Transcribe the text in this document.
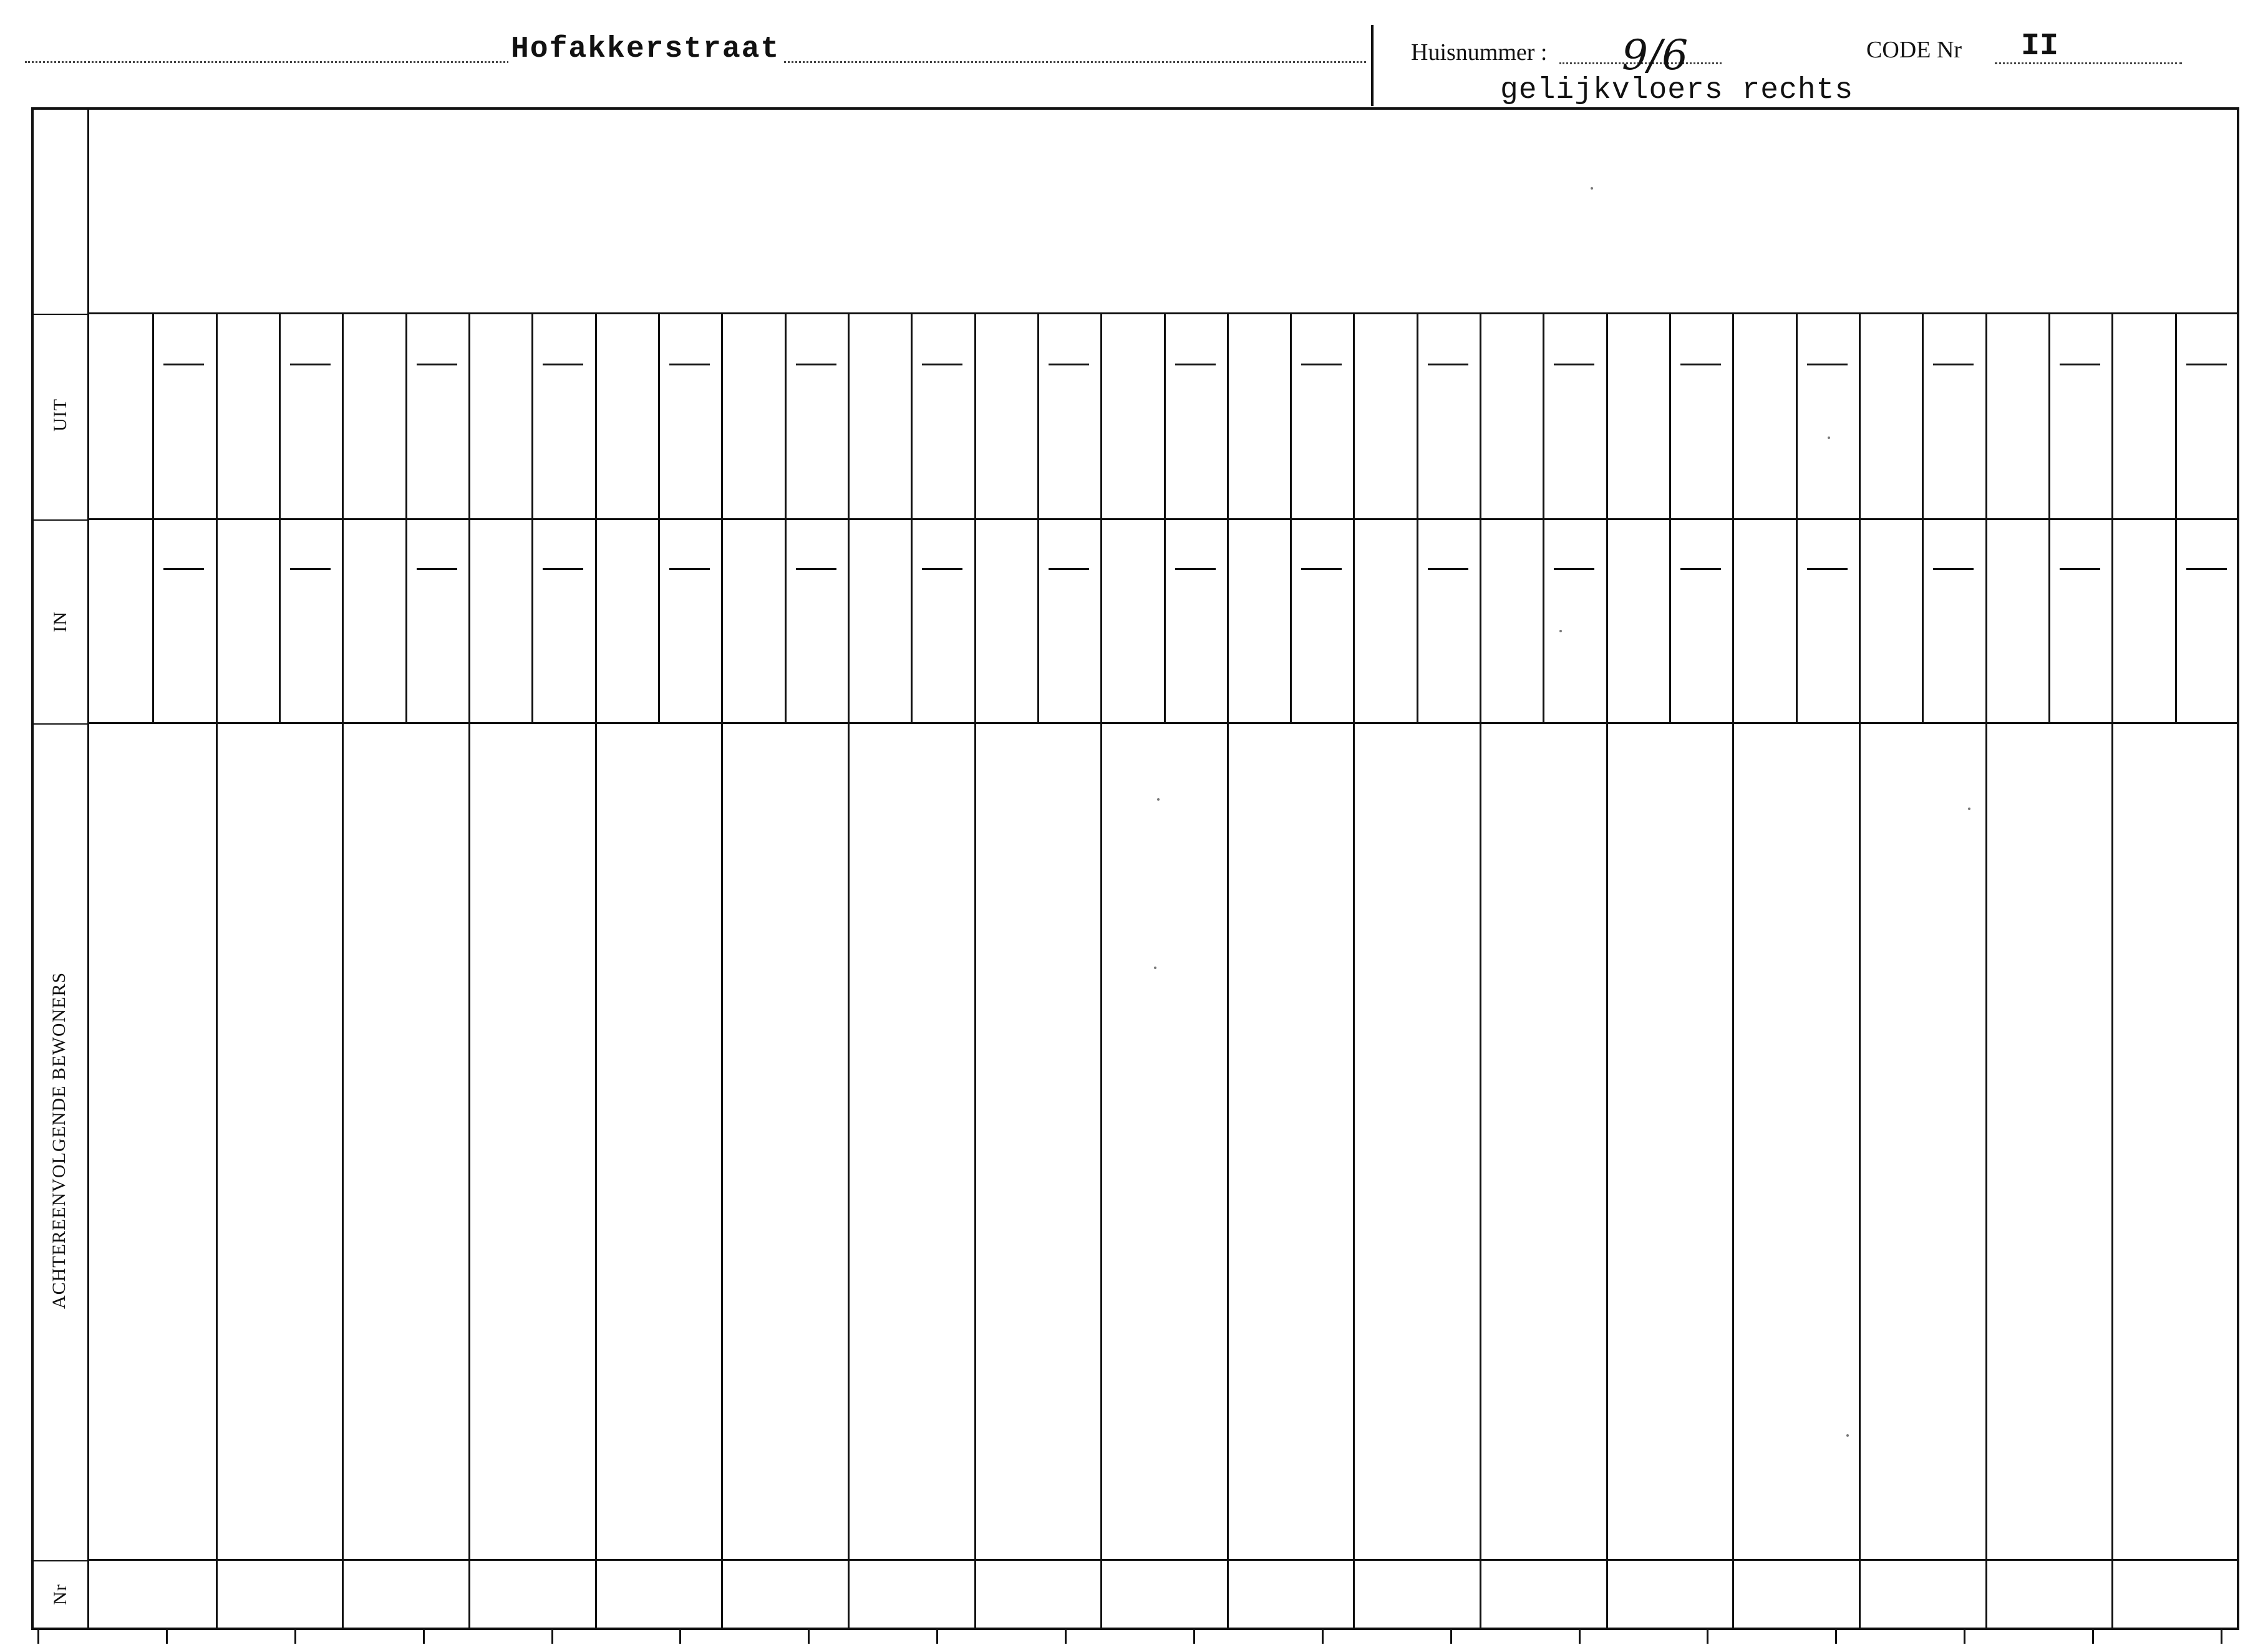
Hofakkerstraat	Huisnummer : 9/6	CODE Nr II
gelijkvloers rechts
UIT
IN
ACHTEREENVOLGENDE BEWONERS
Nr
